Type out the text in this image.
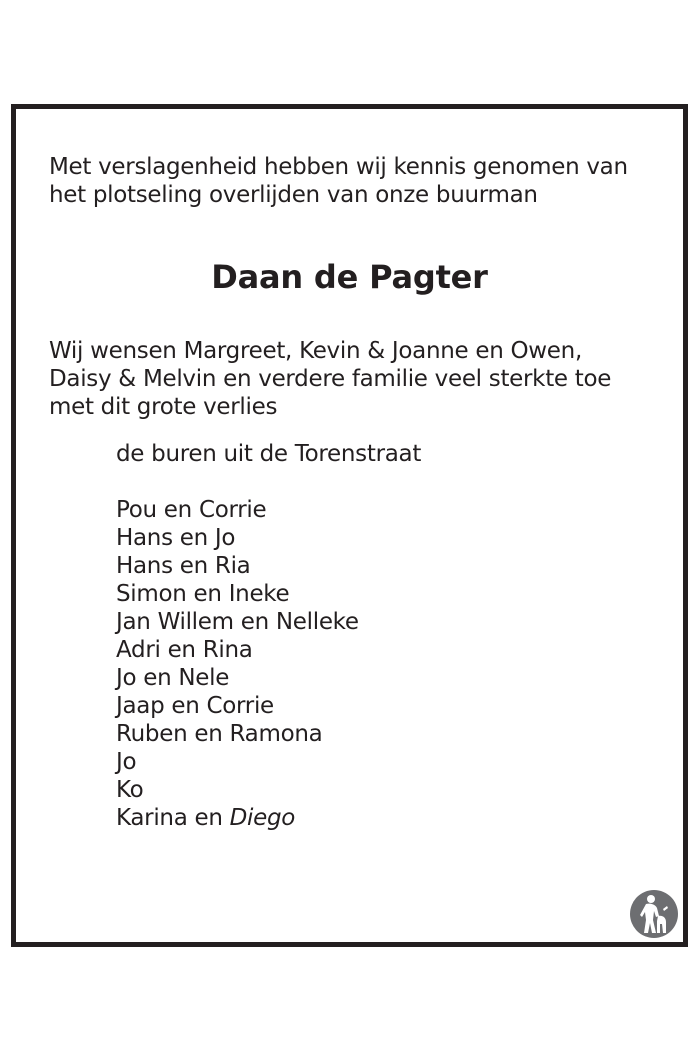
Met verslagenheid hebben wij kennis genomen van
het plotseling overlijden van onze buurman

Daan de Pagter

Wij wensen Margreet, Kevin & Joanne en Owen,
Daisy & Melvin en verdere familie veel sterkte toe
met dit grote verlies

de buren uit de Torenstraat

Pou en Corrie
Hans en Jo
Hans en Ria
Simon en Ineke
Jan Willem en Nelleke
Adri en Rina
Jo en Nele
Jaap en Corrie
Ruben en Ramona
Jo
Ko
Karina en Diego
